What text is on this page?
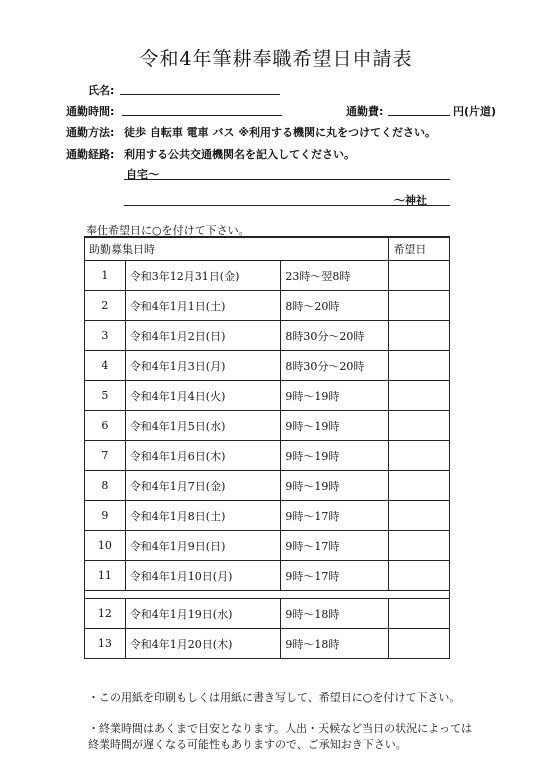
令和4年筆耕奉職希望日申請表
氏名:
通勤時間:	通勤費:	円(片道)
通勤方法: 徒歩 自転車 電車 バス ※利用する機関に丸をつけてください。
通勤経路: 利用する公共交通機関名を記入してください。
自宅〜
〜神社
奉仕希望日に○を付けて下さい。
助勤募集日時			希望日
1	令和3年12月31日(金)	23時〜翌8時	
2	令和4年1月1日(土)	8時〜20時	
3	令和4年1月2日(日)	8時30分〜20時	
4	令和4年1月3日(月)	8時30分〜20時	
5	令和4年1月4日(火)	9時〜19時	
6	令和4年1月5日(水)	9時〜19時	
7	令和4年1月6日(木)	9時〜19時	
8	令和4年1月7日(金)	9時〜19時	
9	令和4年1月8日(土)	9時〜17時	
10	令和4年1月9日(日)	9時〜17時	
11	令和4年1月10日(月)	9時〜17時	

12	令和4年1月19日(水)	9時〜18時	
13	令和4年1月20日(木)	9時〜18時	
・この用紙を印刷もしくは用紙に書き写して、希望日に○を付けて下さい。
・終業時間はあくまで目安となります。人出・天候など当日の状況によっては終業時間が遅くなる可能性もありますので、ご承知おき下さい。
